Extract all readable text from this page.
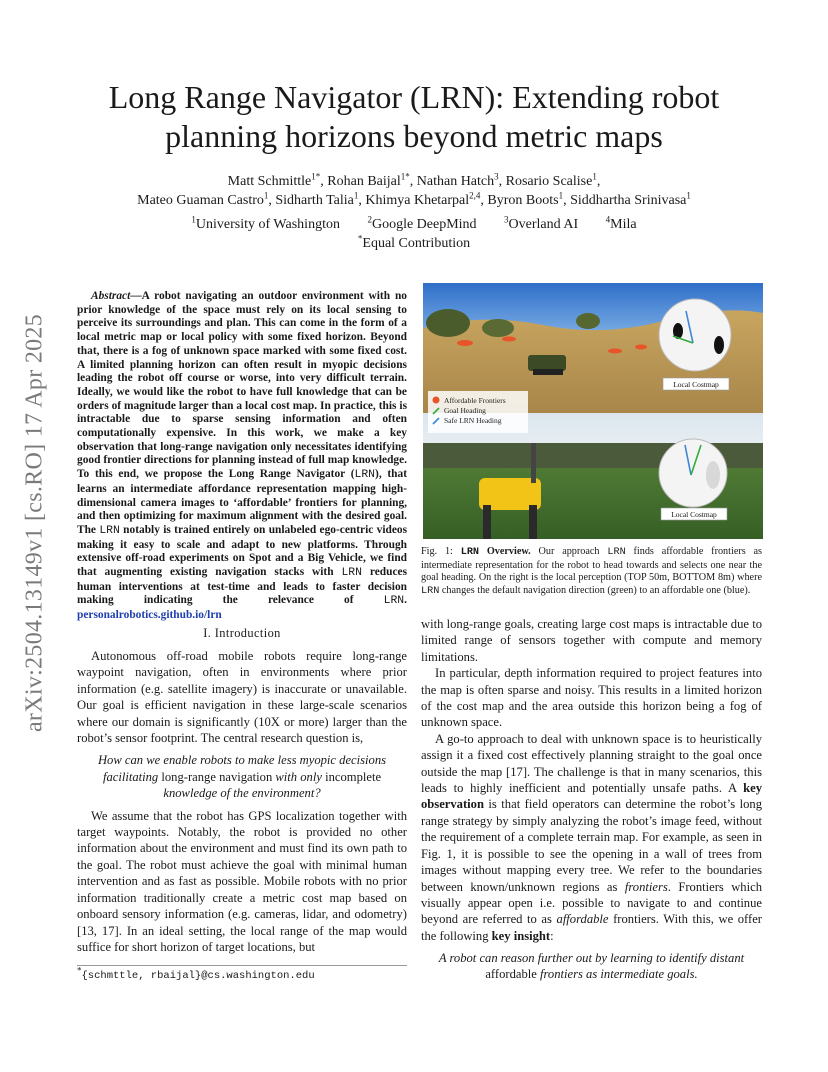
arXiv:2504.13149v1 [cs.RO] 17 Apr 2025
Long Range Navigator (LRN): Extending robot
planning horizons beyond metric maps
Matt Schmittle$^{1*}$, Rohan Baijal$^{1*}$, Nathan Hatch$^3$, Rosario Scalise$^1$,
Mateo Guaman Castro$^1$, Sidharth Talia$^1$, Khimya Khetarpal$^{2,4}$, Byron Boots$^1$, Siddhartha Srinivasa$^1$
$^1$University of Washington	$^2$Google DeepMind	$^3$Overland AI	$^4$Mila
*Equal Contribution
Abstract—A robot navigating an outdoor environment with no prior knowledge of the space must rely on its local sensing to perceive its surroundings and plan. This can come in the form of a local metric map or local policy with some fixed horizon. Beyond that, there is a fog of unknown space marked with some fixed cost. A limited planning horizon can often result in myopic decisions leading the robot off course or worse, into very difficult terrain. Ideally, we would like the robot to have full knowledge that can be orders of magnitude larger than a local cost map. In practice, this is intractable due to sparse sensing information and often computationally expensive. In this work, we make a key observation that long-range navigation only necessitates identifying good frontier directions for planning instead of full map knowledge. To this end, we propose the Long Range Navigator (LRN), that learns an intermediate affordance representation mapping high-dimensional camera images to ‘affordable’ frontiers for planning, and then optimizing for maximum alignment with the desired goal. The LRN notably is trained entirely on unlabeled ego-centric videos making it easy to scale and adapt to new platforms. Through extensive off-road experiments on Spot and a Big Vehicle, we find that augmenting existing navigation stacks with LRN reduces human interventions at test-time and leads to faster decision making indicating the relevance of LRN. personalrobotics.github.io/lrn
I. Introduction

Autonomous off-road mobile robots require long-range waypoint navigation, often in environments where prior information (e.g. satellite imagery) is inaccurate or unavailable. Our goal is efficient navigation in these large-scale scenarios where our domain is significantly (10X or more) larger than the robot’s sensor footprint. The central research question is,

How can we enable robots to make less myopic decisions facilitating long-range navigation with only incomplete knowledge of the environment?

We assume that the robot has GPS localization together with target waypoints. Notably, the robot is provided no other information about the environment and must find its own path to the goal. The robot must achieve the goal with minimal human intervention and as fast as possible. Mobile robots with no prior information traditionally create a metric cost map based on onboard sensory information (e.g. cameras, lidar, and odometry) [13, 17]. In an ideal setting, the local range of the map would suffice for short horizon of target locations, but

*{schmttle, rbaijal}@cs.washington.edu
Affordable Frontiers
Goal Heading
Safe LRN Heading
Local Costmap
Local Costmap
Fig. 1: LRN Overview. Our approach LRN finds affordable frontiers as intermediate representation for the robot to head towards and selects one near the goal heading. On the right is the local perception (TOP 50m, BOTTOM 8m) where LRN changes the default navigation direction (green) to an affordable one (blue).

with long-range goals, creating large cost maps is intractable due to limited range of sensors together with compute and memory limitations.

In particular, depth information required to project features into the map is often sparse and noisy. This results in a limited horizon of the cost map and the area outside this horizon being a fog of unknown space.

A go-to approach to deal with unknown space is to heuristically assign it a fixed cost effectively planning straight to the goal once outside the map [17]. The challenge is that in many scenarios, this leads to highly inefficient and potentially unsafe paths. A key observation is that field operators can determine the robot’s long range strategy by simply analyzing the robot’s image feed, without the requirement of a complete terrain map. For example, as seen in Fig. 1, it is possible to see the opening in a wall of trees from images without mapping every tree. We refer to the boundaries between known/unknown regions as frontiers. Frontiers which visually appear open i.e. possible to navigate to and continue beyond are referred to as affordable frontiers. With this, we offer the following key insight:

A robot can reason further out by learning to identify distant
affordable frontiers as intermediate goals.
